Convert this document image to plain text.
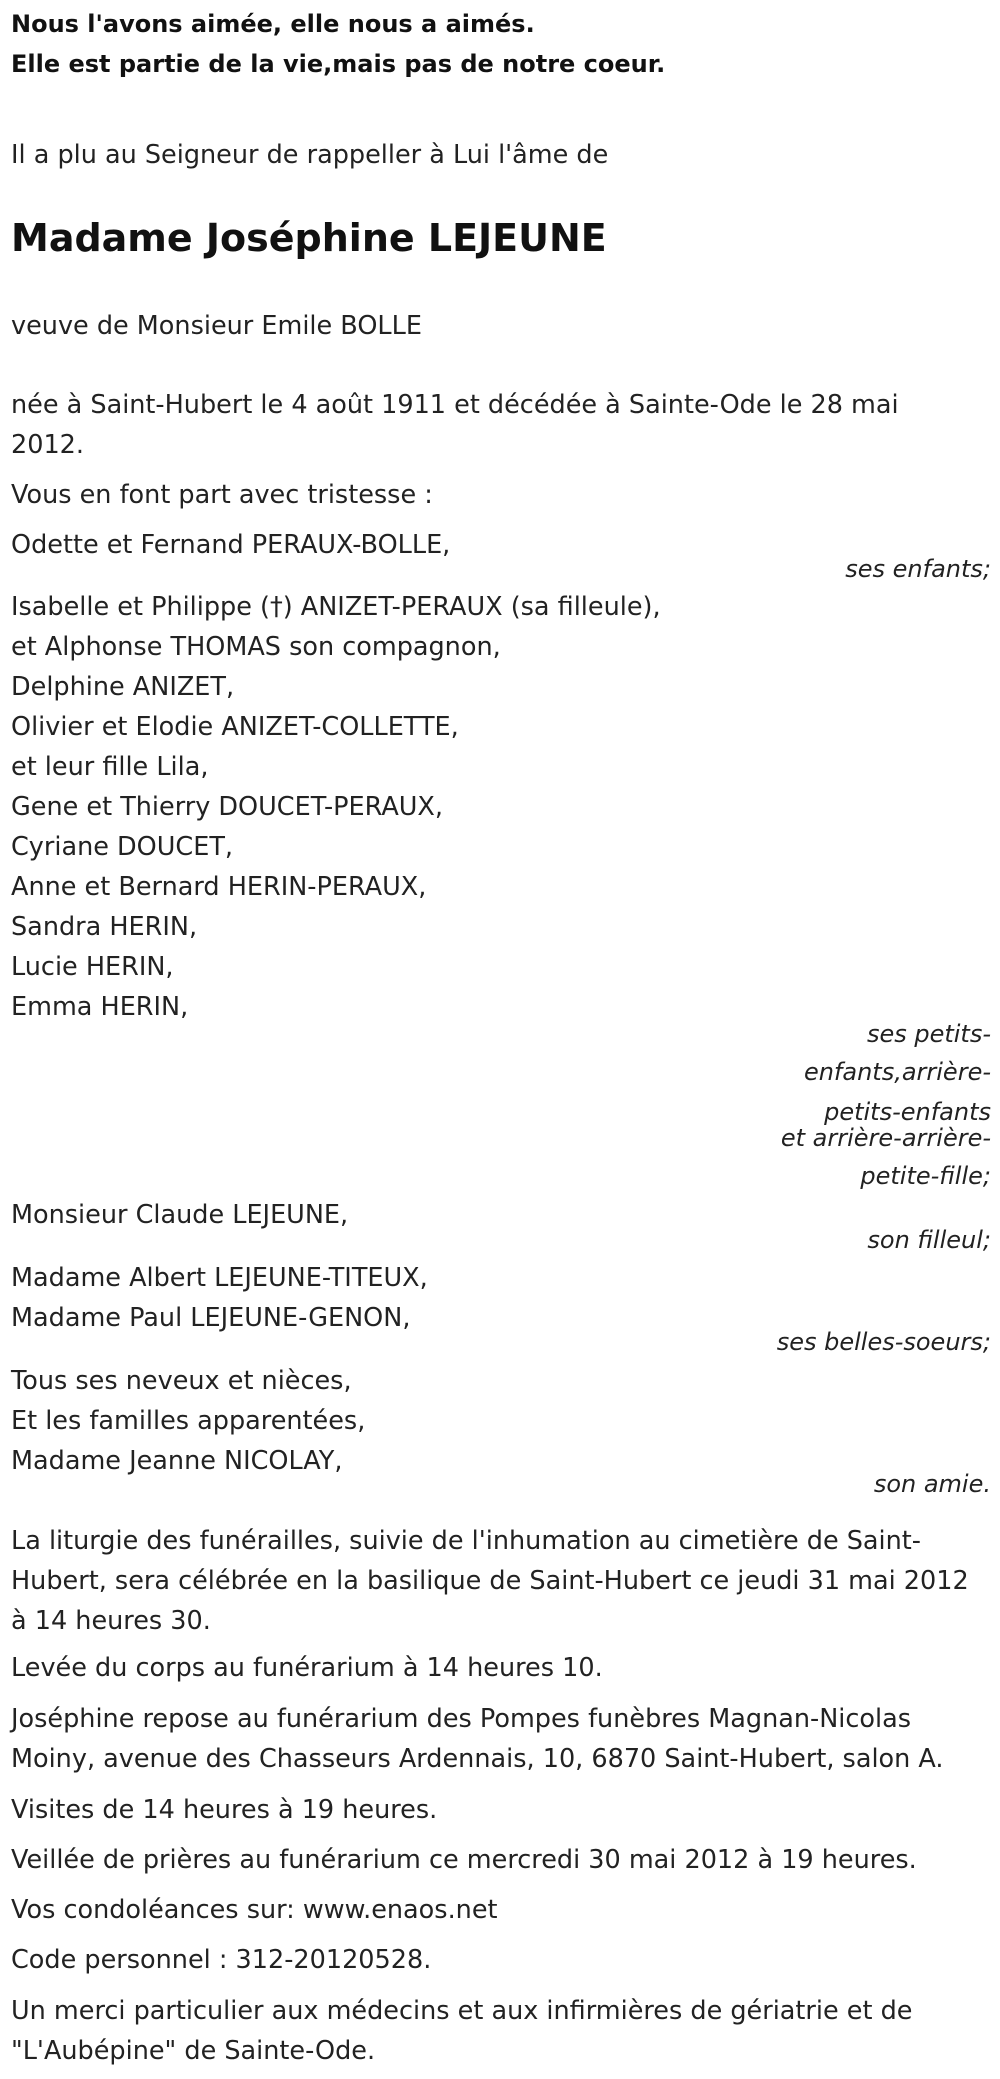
Nous l'avons aimée, elle nous a aimés.
Elle est partie de la vie,mais pas de notre coeur.

Il a plu au Seigneur de rappeller à Lui l'âme de

Madame Joséphine LEJEUNE

veuve de Monsieur Emile BOLLE

née à Saint-Hubert le 4 août 1911 et décédée à Sainte-Ode le 28 mai 2012.

Vous en font part avec tristesse :

Odette et Fernand PERAUX-BOLLE,
ses enfants;
Isabelle et Philippe (†) ANIZET-PERAUX (sa filleule),
et Alphonse THOMAS son compagnon,
Delphine ANIZET,
Olivier et Elodie ANIZET-COLLETTE,
et leur fille Lila,
Gene et Thierry DOUCET-PERAUX,
Cyriane DOUCET,
Anne et Bernard HERIN-PERAUX,
Sandra HERIN,
Lucie HERIN,
Emma HERIN,
ses petits-
enfants,arrière-
petits-enfants
et arrière-arrière-
petite-fille;
Monsieur Claude LEJEUNE,
son filleul;
Madame Albert LEJEUNE-TITEUX,
Madame Paul LEJEUNE-GENON,
ses belles-soeurs;
Tous ses neveux et nièces,
Et les familles apparentées,
Madame Jeanne NICOLAY,
son amie.

La liturgie des funérailles, suivie de l'inhumation au cimetière de Saint-Hubert, sera célébrée en la basilique de Saint-Hubert ce jeudi 31 mai 2012 à 14 heures 30.

Levée du corps au funérarium à 14 heures 10.

Joséphine repose au funérarium des Pompes funèbres Magnan-Nicolas Moiny, avenue des Chasseurs Ardennais, 10, 6870 Saint-Hubert, salon A.

Visites de 14 heures à 19 heures.

Veillée de prières au funérarium ce mercredi 30 mai 2012 à 19 heures.

Vos condoléances sur: www.enaos.net

Code personnel : 312-20120528.

Un merci particulier aux médecins et aux infirmières de gériatrie et de "L'Aubépine" de Sainte-Ode.
